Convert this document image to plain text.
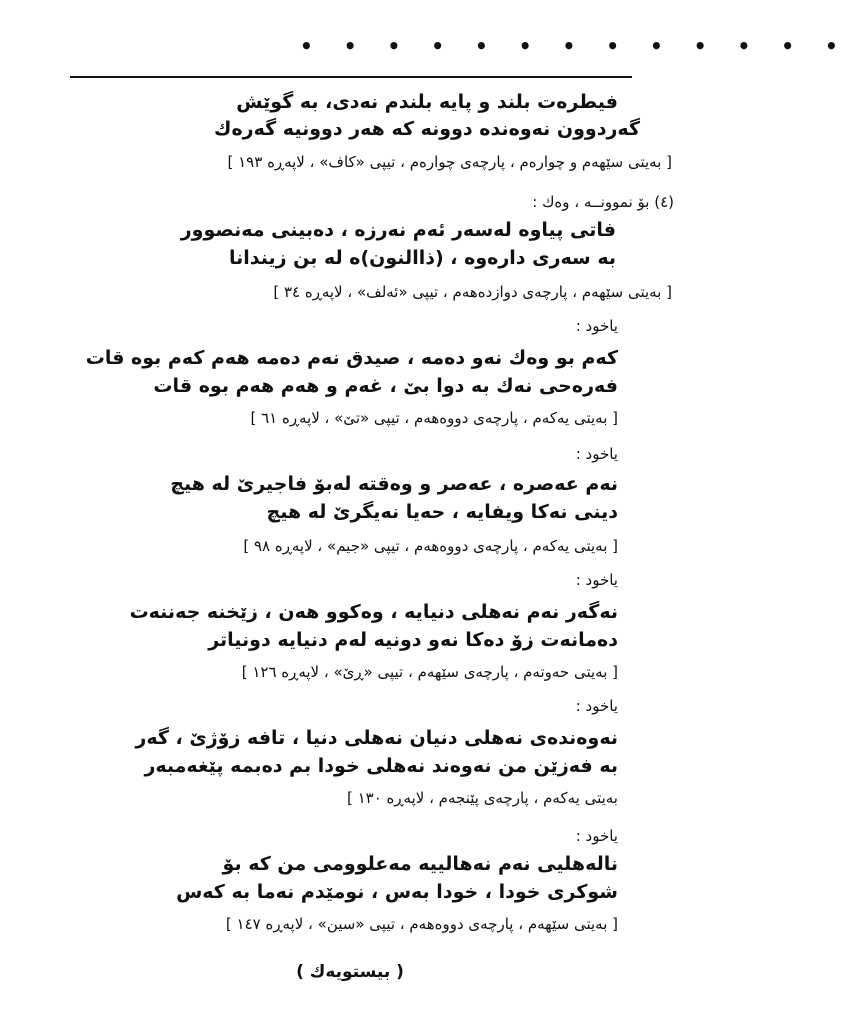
• • • • • • • • • • • • •
فیطرەت بلند و پایە بلندم نەدی، بە گوێش
گەردوون نەوەندە دوونە کە هەر دوونیە گەرەك
[ بەیتی سێهەم و چوارەم ، پارچەی چوارەم ، تیپی «کاف» ، لاپەڕە ١٩٣ ]
(٤) بۆ نموونــە ، وەك :
فاتی پیاوە لەسەر ئەم نەرزە ، دەبینی مەنصوور
بە سەری دارەوە ، (ذاالنون)ە لە بن زیندانا
[ بەیتی سێهەم ، پارچەی دوازدەهەم ، تیپی «ئەلف» ، لاپەڕە ٣٤ ]
یاخود :
کەم بو وەك نەو دەمە ، صیدق نەم دەمە هەم کەم بوە قات
فەرەحی نەك بە دوا بێ ، غەم و هەم هەم بوە قات
[ بەیتی یەکەم ، پارچەی دووەهەم ، تیپی «تێ» ، لاپەڕە ٦١ ]
یاخود :
نەم عەصرە ، عەصر و وەقتە لەبۆ فاجیرێ لە هیچ
دینی نەکا ویفایە ، حەیا نەیگرێ لە هیچ
[ بەیتی یەکەم ، پارچەی دووەهەم ، تیپی «جیم» ، لاپەڕە ٩٨ ]
یاخود :
نەگەر نەم نەهلی دنیایە ، وەکوو هەن ، زێخنە جەننەت
دەمانەت زۆ دەکا نەو دونیە لەم دنیایە دونیاتر
[ بەیتی حەوتەم ، پارچەی سێهەم ، تیپی «ڕێ» ، لاپەڕە ١٢٦ ]
یاخود :
نەوەندەی نەهلی دنیان نەهلی دنیا ، تافە زۆژێ ، گەر
بە فەزێن من نەوەند نەهلی خودا بم دەبمە پێغەمبەر
بەیتی یەکەم ، پارچەی پێنجەم ، لاپەڕە ١٣٠ ]
یاخود :
نالەهلیی نەم نەهالییە مەعلوومی من کە بۆ
شوکری خودا ، خودا بەس ، نومێدم نەما بە کەس
[ بەیتی سێهەم ، پارچەی دووەهەم ، تیپی «سین» ، لاپەڕە ١٤٧ ]
( بیستویەك )
